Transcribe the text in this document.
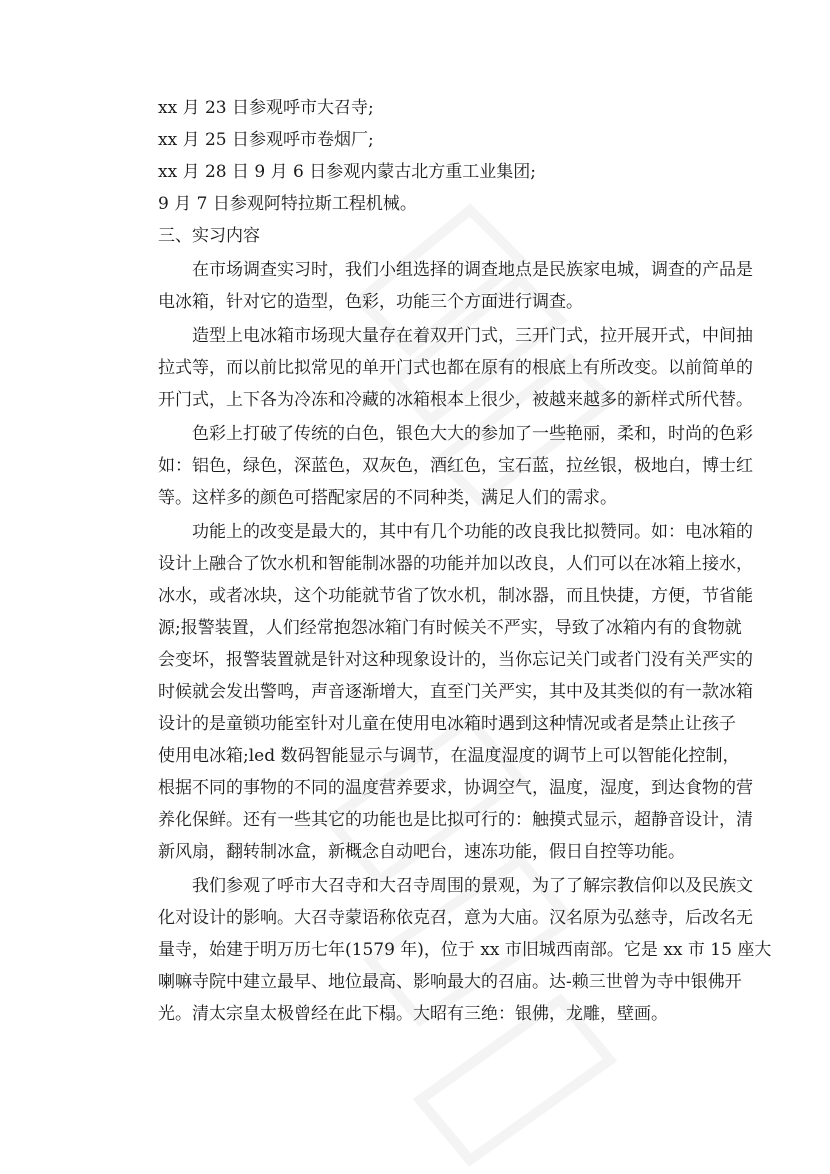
xx 月 23 日参观呼市大召寺;
xx 月 25 日参观呼市卷烟厂;
xx 月 28 日 9 月 6 日参观内蒙古北方重工业集团;
9 月 7 日参观阿特拉斯工程机械。
三、实习内容
在市场调查实习时，我们小组选择的调查地点是民族家电城，调查的产品是
电冰箱，针对它的造型，色彩，功能三个方面进行调查。
造型上电冰箱市场现大量存在着双开门式，三开门式，拉开展开式，中间抽
拉式等，而以前比拟常见的单开门式也都在原有的根底上有所改变。以前简单的
开门式，上下各为冷冻和冷藏的冰箱根本上很少，被越来越多的新样式所代替。
色彩上打破了传统的白色，银色大大的参加了一些艳丽，柔和，时尚的色彩
如：铝色，绿色，深蓝色，双灰色，酒红色，宝石蓝，拉丝银，极地白，博士红
等。这样多的颜色可搭配家居的不同种类，满足人们的需求。
功能上的改变是最大的，其中有几个功能的改良我比拟赞同。如：电冰箱的
设计上融合了饮水机和智能制冰器的功能并加以改良，人们可以在冰箱上接水，
冰水，或者冰块，这个功能就节省了饮水机，制冰器，而且快捷，方便，节省能
源;报警装置，人们经常抱怨冰箱门有时候关不严实，导致了冰箱内有的食物就
会变坏，报警装置就是针对这种现象设计的，当你忘记关门或者门没有关严实的
时候就会发出警鸣，声音逐渐增大，直至门关严实，其中及其类似的有一款冰箱
设计的是童锁功能室针对儿童在使用电冰箱时遇到这种情况或者是禁止让孩子
使用电冰箱;led 数码智能显示与调节，在温度湿度的调节上可以智能化控制，
根据不同的事物的不同的温度营养要求，协调空气，温度，湿度，到达食物的营
养化保鲜。还有一些其它的功能也是比拟可行的：触摸式显示，超静音设计，清
新风扇，翻转制冰盒，新概念自动吧台，速冻功能，假日自控等功能。
我们参观了呼市大召寺和大召寺周围的景观，为了了解宗教信仰以及民族文
化对设计的影响。大召寺蒙语称依克召，意为大庙。汉名原为弘慈寺，后改名无
量寺，始建于明万历七年(1579 年)，位于 xx 市旧城西南部。它是 xx 市 15 座大
喇嘛寺院中建立最早、地位最高、影响最大的召庙。达-赖三世曾为寺中银佛开
光。清太宗皇太极曾经在此下榻。大昭有三绝：银佛，龙雕，壁画。
